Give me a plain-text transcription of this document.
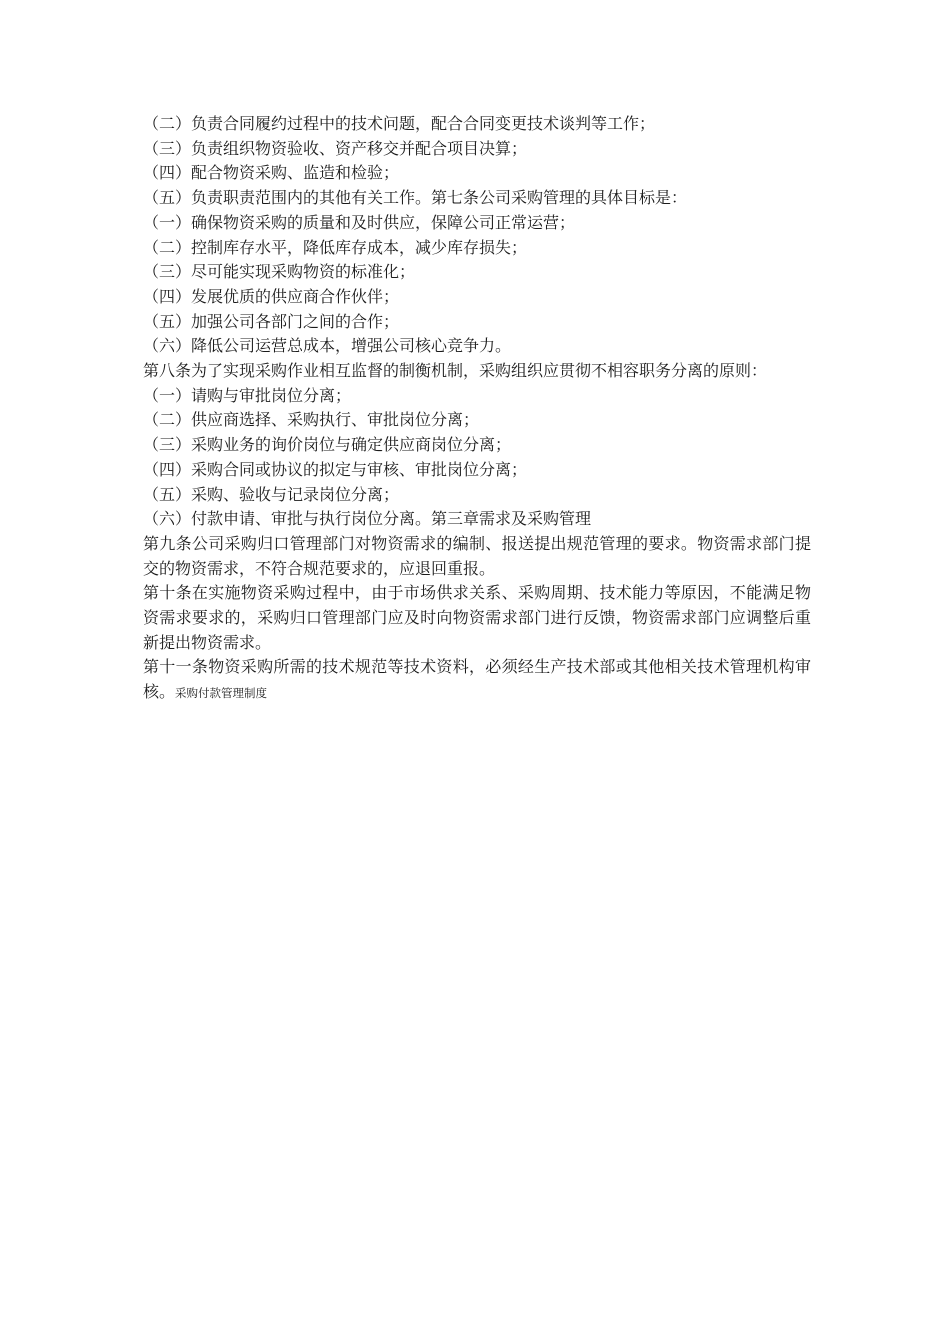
（二）负责合同履约过程中的技术问题，配合合同变更技术谈判等工作；
（三）负责组织物资验收、资产移交并配合项目决算；
（四）配合物资采购、监造和检验；
（五）负责职责范围内的其他有关工作。第七条公司采购管理的具体目标是：
（一）确保物资采购的质量和及时供应，保障公司正常运营；
（二）控制库存水平，降低库存成本，减少库存损失；
（三）尽可能实现采购物资的标准化；
（四）发展优质的供应商合作伙伴；
（五）加强公司各部门之间的合作；
（六）降低公司运营总成本，增强公司核心竞争力。
第八条为了实现采购作业相互监督的制衡机制，采购组织应贯彻不相容职务分离的原则：
（一）请购与审批岗位分离；
（二）供应商选择、采购执行、审批岗位分离；
（三）采购业务的询价岗位与确定供应商岗位分离；
（四）采购合同或协议的拟定与审核、审批岗位分离；
（五）采购、验收与记录岗位分离；
（六）付款申请、审批与执行岗位分离。第三章需求及采购管理
第九条公司采购归口管理部门对物资需求的编制、报送提出规范管理的要求。物资需求部门提交的物资需求，不符合规范要求的，应退回重报。
第十条在实施物资采购过程中，由于市场供求关系、采购周期、技术能力等原因，不能满足物资需求要求的，采购归口管理部门应及时向物资需求部门进行反馈，物资需求部门应调整后重新提出物资需求。
第十一条物资采购所需的技术规范等技术资料，必须经生产技术部或其他相关技术管理机构审核。采购付款管理制度
